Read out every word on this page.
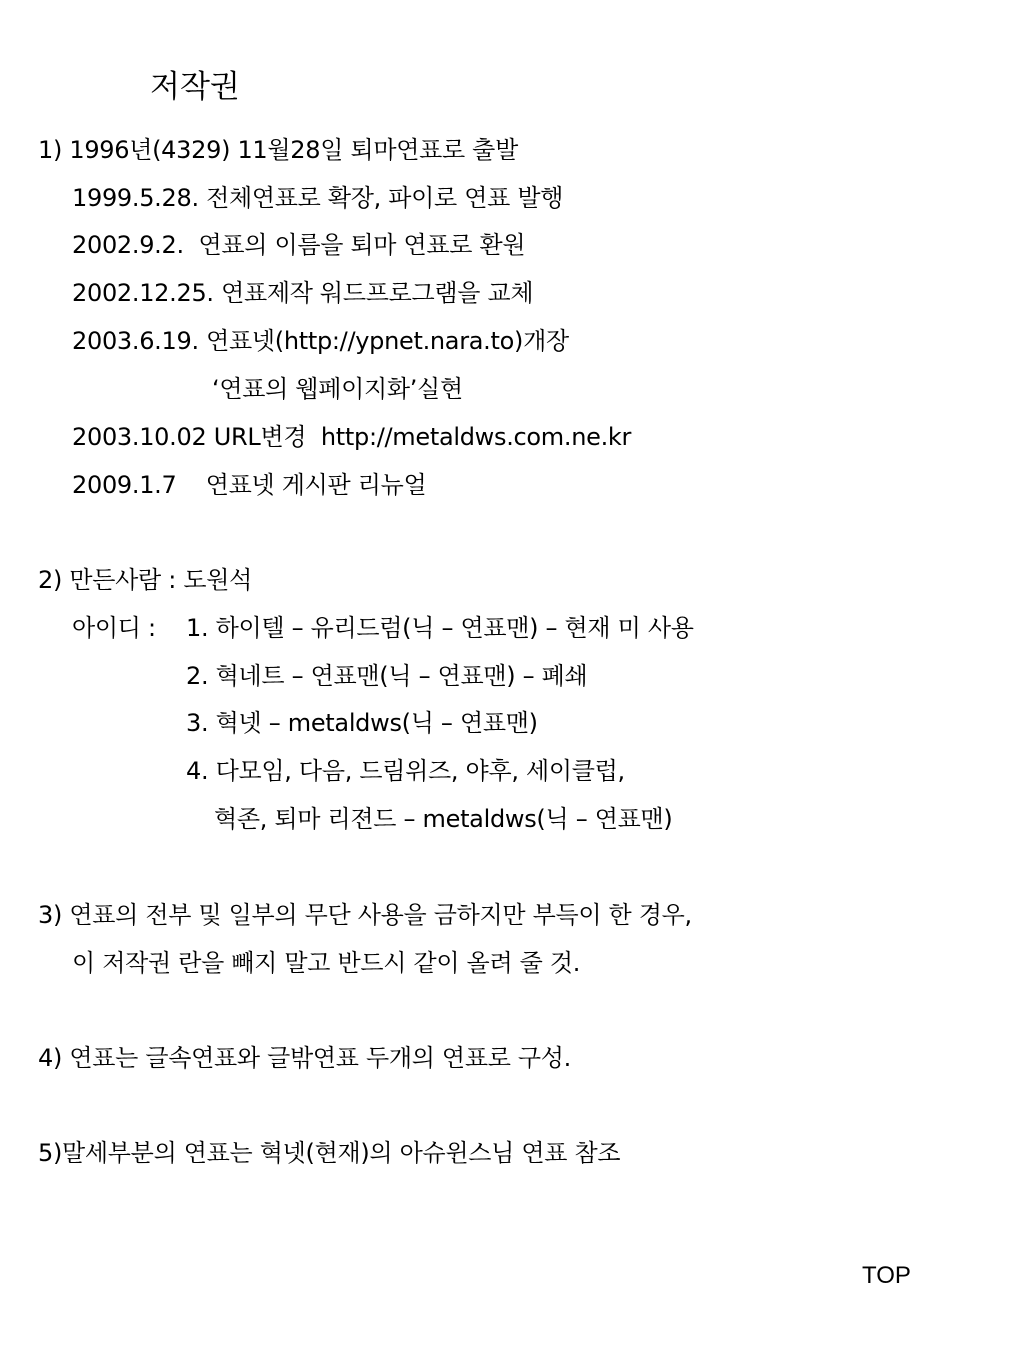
저작권
1) 1996년(4329) 11월28일 퇴마연표로 출발
1999.5.28. 전체연표로 확장, 파이로 연표 발행
2002.9.2.  연표의 이름을 퇴마 연표로 환원
2002.12.25. 연표제작 워드프로그램을 교체
2003.6.19. 연표넷(http://ypnet.nara.to)개장
‘연표의 웹페이지화’실현
2003.10.02 URL변경  http://metaldws.com.ne.kr
2009.1.7    연표넷 게시판 리뉴얼
2) 만든사람 : 도원석
아이디 : 1. 하이텔 – 유리드럼(닉 – 연표맨) – 현재 미 사용
2. 혁네트 – 연표맨(닉 – 연표맨) – 폐쇄
3. 혁넷 – metaldws(닉 – 연표맨)
4. 다모임, 다음, 드림위즈, 야후, 세이클럽,
혁존, 퇴마 리젼드 – metaldws(닉 – 연표맨)
3) 연표의 전부 및 일부의 무단 사용을 금하지만 부득이 한 경우,
이 저작권 란을 빼지 말고 반드시 같이 올려 줄 것.
4) 연표는 글속연표와 글밖연표 두개의 연표로 구성.
5)말세부분의 연표는 혁넷(현재)의 아슈윈스님 연표 참조
TOP
